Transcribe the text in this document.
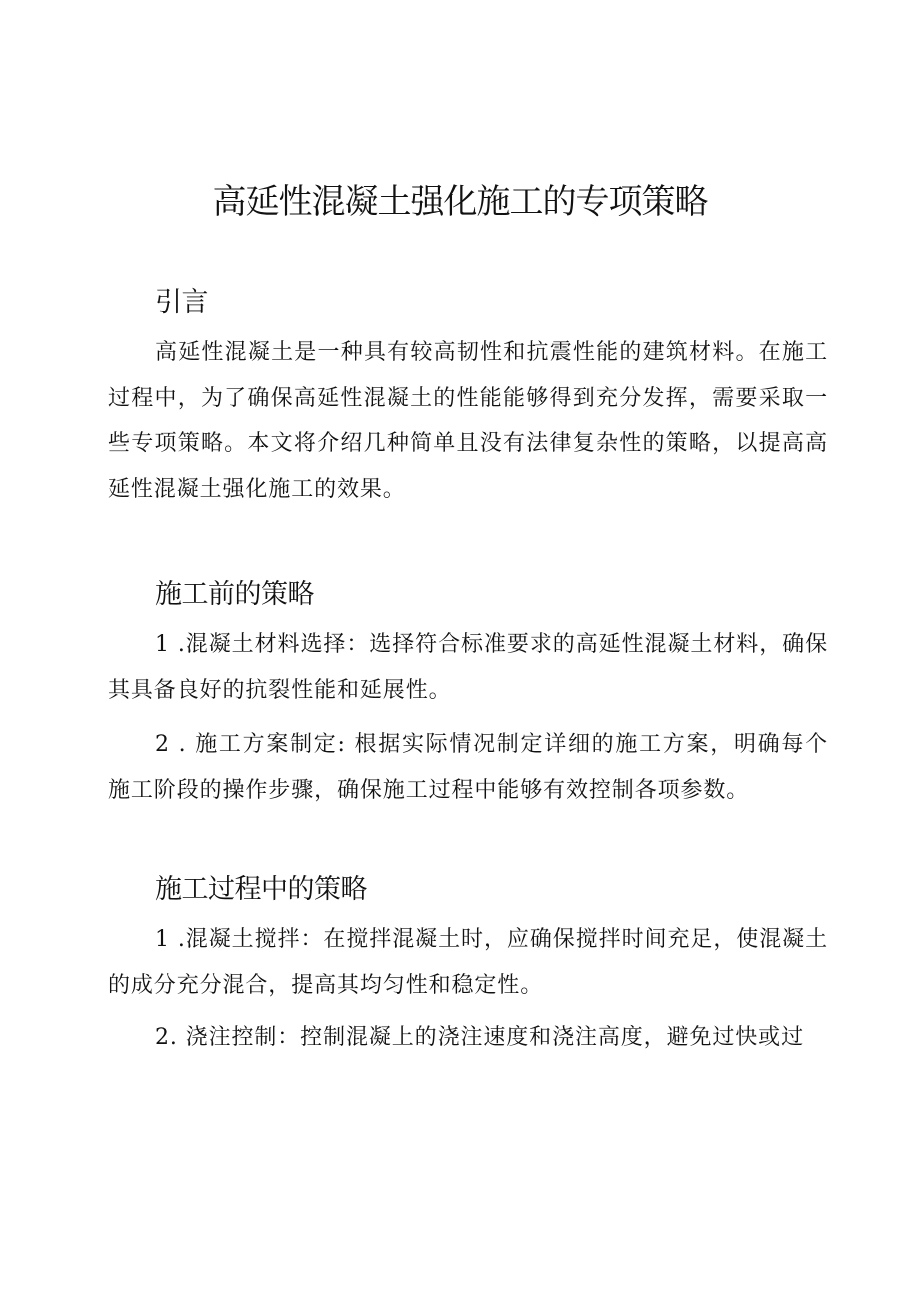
高延性混凝土强化施工的专项策略
引言

高延性混凝土是一种具有较高韧性和抗震性能的建筑材料。在施工过程中，为了确保高延性混凝土的性能能够得到充分发挥，需要采取一些专项策略。本文将介绍几种简单且没有法律复杂性的策略，以提高高延性混凝土强化施工的效果。

施工前的策略

1 .混凝土材料选择：选择符合标准要求的高延性混凝土材料，确保其具备良好的抗裂性能和延展性。

2 . 施工方案制定: 根据实际情况制定详细的施工方案，明确每个施工阶段的操作步骤，确保施工过程中能够有效控制各项参数。

施工过程中的策略

1 .混凝土搅拌：在搅拌混凝土时，应确保搅拌时间充足，使混凝土的成分充分混合，提高其均匀性和稳定性。

2. 浇注控制：控制混凝上的浇注速度和浇注高度，避免过快或过
